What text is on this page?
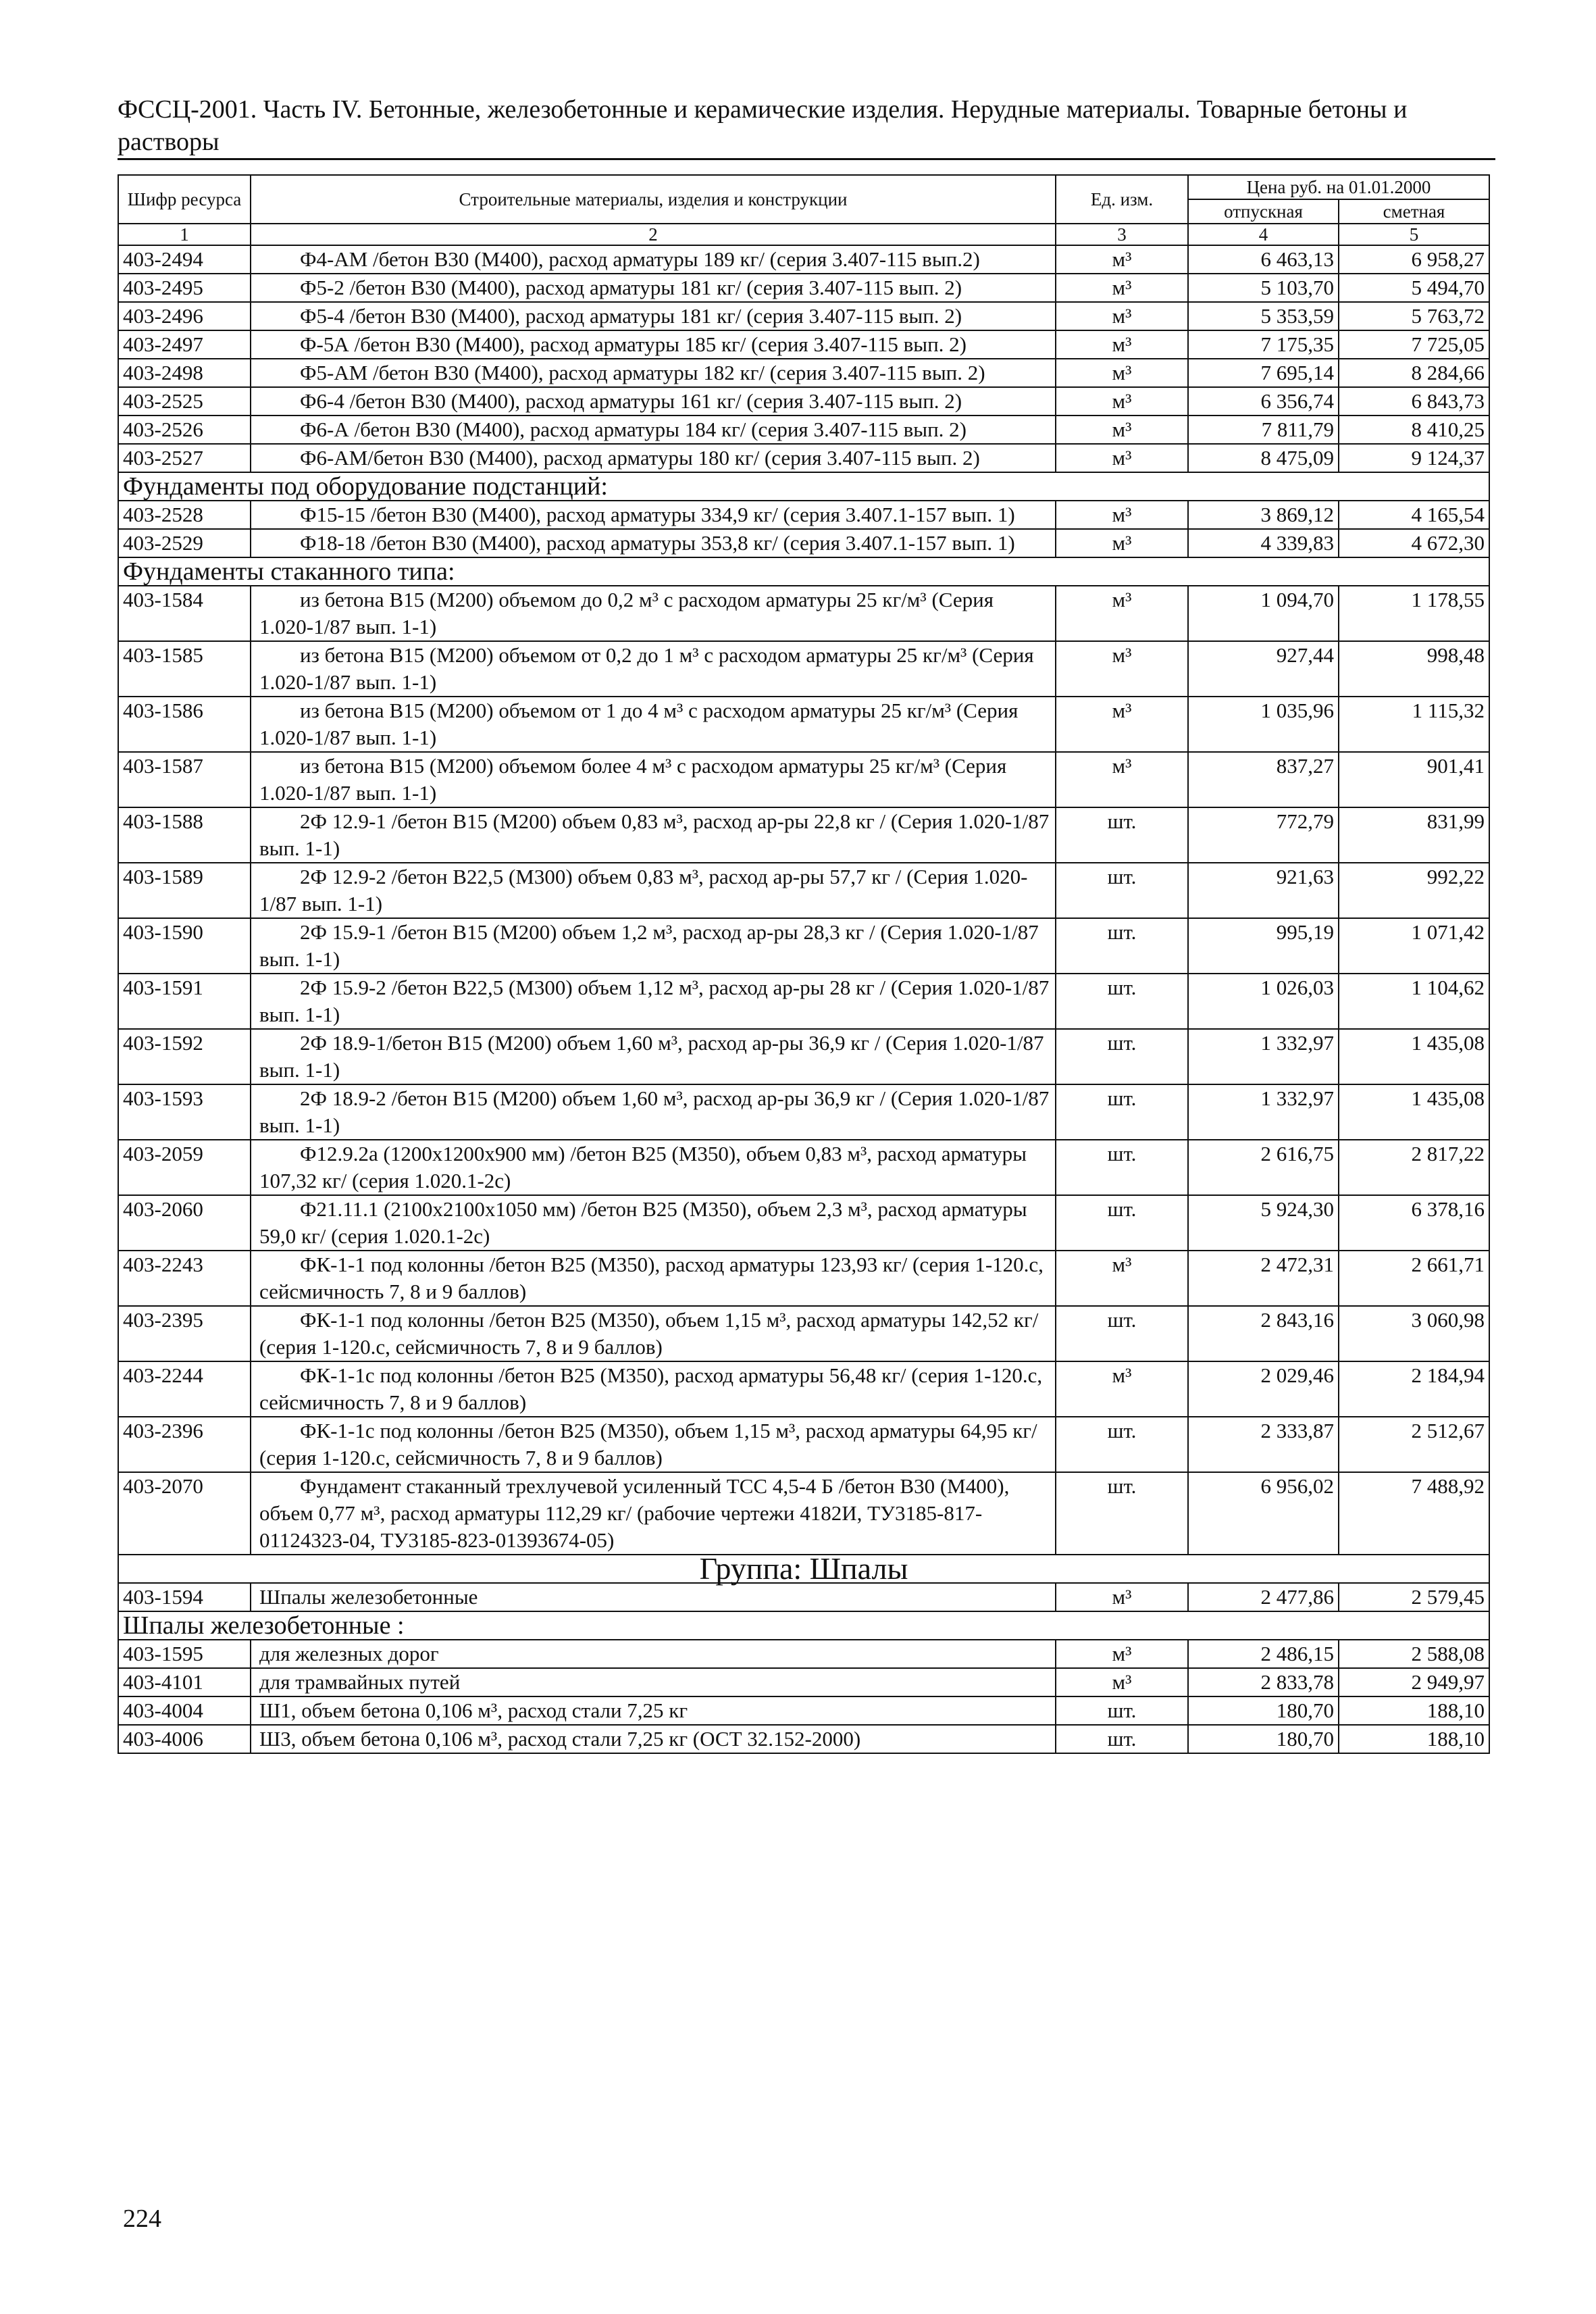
ФССЦ-2001. Часть IV. Бетонные, железобетонные и керамические изделия. Нерудные материалы. Товарные бетоны и растворы
Шифр ресурса	Строительные материалы, изделия и конструкции	Ед. изм.	Цена руб. на 01.01.2000	
			отпускная	сметная
1	2	3	4	5
403-2494	Ф4-АМ /бетон В30 (М400), расход арматуры 189 кг/ (серия 3.407-115 вып.2)	м³	6 463,13	6 958,27
403-2495	Ф5-2 /бетон В30 (М400), расход арматуры 181 кг/ (серия 3.407-115 вып. 2)	м³	5 103,70	5 494,70
403-2496	Ф5-4 /бетон В30 (М400), расход арматуры 181 кг/ (серия 3.407-115 вып. 2)	м³	5 353,59	5 763,72
403-2497	Ф-5А /бетон В30 (М400), расход арматуры 185 кг/ (серия 3.407-115 вып. 2)	м³	7 175,35	7 725,05
403-2498	Ф5-АМ /бетон В30 (М400), расход арматуры 182 кг/ (серия 3.407-115 вып. 2)	м³	7 695,14	8 284,66
403-2525	Ф6-4 /бетон В30 (М400), расход арматуры 161 кг/ (серия 3.407-115 вып. 2)	м³	6 356,74	6 843,73
403-2526	Ф6-А /бетон В30 (М400), расход арматуры 184 кг/ (серия 3.407-115 вып. 2)	м³	7 811,79	8 410,25
403-2527	Ф6-АМ/бетон В30 (М400), расход арматуры 180 кг/ (серия 3.407-115 вып. 2)	м³	8 475,09	9 124,37
Фундаменты под оборудование подстанций:				
403-2528	Ф15-15 /бетон В30 (М400), расход арматуры 334,9 кг/ (серия 3.407.1-157 вып. 1)	м³	3 869,12	4 165,54
403-2529	Ф18-18 /бетон В30 (М400), расход арматуры 353,8 кг/ (серия 3.407.1-157 вып. 1)	м³	4 339,83	4 672,30
Фундаменты стаканного типа:				
403-1584	из бетона В15 (М200) объемом до 0,2 м³ с расходом арматуры 25 кг/м³ (Серия 1.020-1/87 вып. 1-1)	м³	1 094,70	1 178,55
403-1585	из бетона В15 (М200) объемом от 0,2 до 1 м³ с расходом арматуры 25 кг/м³ (Серия 1.020-1/87 вып. 1-1)	м³	927,44	998,48
403-1586	из бетона В15 (М200) объемом от 1 до 4 м³ с расходом арматуры 25 кг/м³ (Серия 1.020-1/87 вып. 1-1)	м³	1 035,96	1 115,32
403-1587	из бетона В15 (М200) объемом более 4 м³ с расходом арматуры 25 кг/м³ (Серия 1.020-1/87 вып. 1-1)	м³	837,27	901,41
403-1588	2Ф 12.9-1 /бетон В15 (М200) объем 0,83 м³, расход ар-ры 22,8 кг / (Серия 1.020-1/87 вып. 1-1)	шт.	772,79	831,99
403-1589	2Ф 12.9-2 /бетон В22,5 (М300) объем 0,83 м³, расход ар-ры 57,7 кг / (Серия 1.020-1/87 вып. 1-1)	шт.	921,63	992,22
403-1590	2Ф 15.9-1 /бетон В15 (М200) объем 1,2 м³, расход ар-ры 28,3 кг / (Серия 1.020-1/87 вып. 1-1)	шт.	995,19	1 071,42
403-1591	2Ф 15.9-2 /бетон В22,5 (М300) объем 1,12 м³, расход ар-ры 28 кг / (Серия 1.020-1/87 вып. 1-1)	шт.	1 026,03	1 104,62
403-1592	2Ф 18.9-1/бетон В15 (М200) объем 1,60 м³, расход ар-ры 36,9 кг / (Серия 1.020-1/87 вып. 1-1)	шт.	1 332,97	1 435,08
403-1593	2Ф 18.9-2 /бетон В15 (М200) объем 1,60 м³, расход ар-ры 36,9 кг / (Серия 1.020-1/87 вып. 1-1)	шт.	1 332,97	1 435,08
403-2059	Ф12.9.2а (1200х1200х900 мм) /бетон В25 (М350), объем 0,83 м³, расход арматуры 107,32 кг/ (серия 1.020.1-2с)	шт.	2 616,75	2 817,22
403-2060	Ф21.11.1 (2100х2100х1050 мм) /бетон В25 (М350), объем 2,3 м³, расход арматуры 59,0 кг/ (серия 1.020.1-2с)	шт.	5 924,30	6 378,16
403-2243	ФК-1-1 под колонны /бетон В25 (М350), расход арматуры 123,93 кг/ (серия 1-120.с, сейсмичность 7, 8 и 9 баллов)	м³	2 472,31	2 661,71
403-2395	ФК-1-1 под колонны /бетон В25 (М350), объем 1,15 м³, расход арматуры 142,52 кг/ (серия 1-120.с, сейсмичность 7, 8 и 9 баллов)	шт.	2 843,16	3 060,98
403-2244	ФК-1-1с под колонны /бетон В25 (М350), расход арматуры 56,48 кг/ (серия 1-120.с, сейсмичность 7, 8 и 9 баллов)	м³	2 029,46	2 184,94
403-2396	ФК-1-1с под колонны /бетон В25 (М350), объем 1,15 м³, расход арматуры 64,95 кг/ (серия 1-120.с, сейсмичность 7, 8 и 9 баллов)	шт.	2 333,87	2 512,67
403-2070	Фундамент стаканный трехлучевой усиленный ТСС 4,5-4 Б /бетон В30 (М400), объем 0,77 м³, расход арматуры 112,29 кг/ (рабочие чертежи 4182И, ТУ3185-817-01124323-04, ТУ3185-823-01393674-05)	шт.	6 956,02	7 488,92
Группа: Шпалы				
403-1594	Шпалы железобетонные	м³	2 477,86	2 579,45
Шпалы железобетонные :				
403-1595	для железных дорог	м³	2 486,15	2 588,08
403-4101	для трамвайных путей	м³	2 833,78	2 949,97
403-4004	Ш1, объем бетона 0,106 м³, расход стали 7,25 кг	шт.	180,70	188,10
403-4006	Ш3, объем бетона 0,106 м³, расход стали 7,25 кг (ОСТ 32.152-2000)	шт.	180,70	188,10
224
